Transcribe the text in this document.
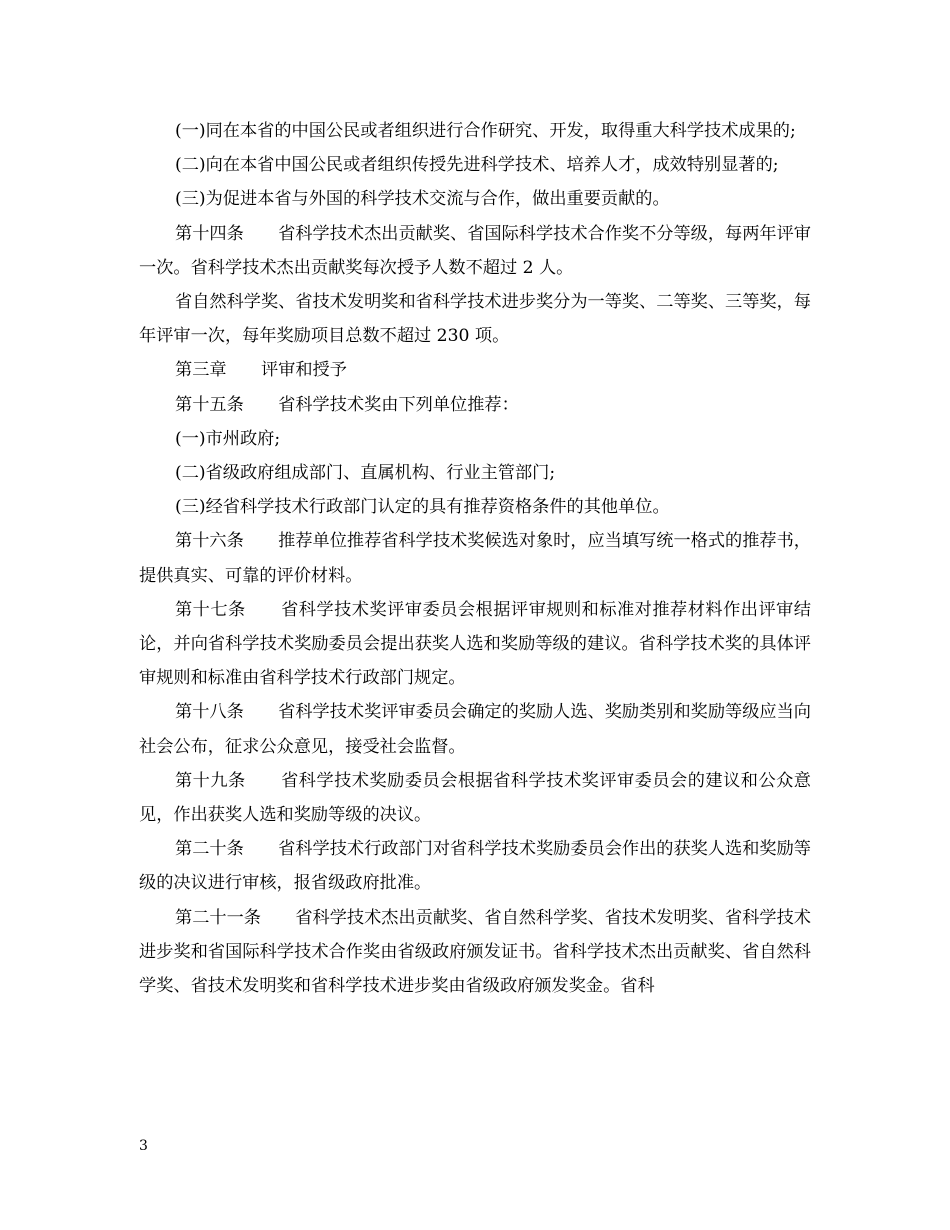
(一)同在本省的中国公民或者组织进行合作研究、开发，取得重大科学技术成果的;

(二)向在本省中国公民或者组织传授先进科学技术、培养人才，成效特别显著的;

(三)为促进本省与外国的科学技术交流与合作，做出重要贡献的。

第十四条　　省科学技术杰出贡献奖、省国际科学技术合作奖不分等级，每两年评审一次。省科学技术杰出贡献奖每次授予人数不超过 2 人。

省自然科学奖、省技术发明奖和省科学技术进步奖分为一等奖、二等奖、三等奖，每年评审一次，每年奖励项目总数不超过 230 项。

第三章　　评审和授予

第十五条　　省科学技术奖由下列单位推荐：

(一)市州政府;

(二)省级政府组成部门、直属机构、行业主管部门;

(三)经省科学技术行政部门认定的具有推荐资格条件的其他单位。

第十六条　　推荐单位推荐省科学技术奖候选对象时，应当填写统一格式的推荐书，提供真实、可靠的评价材料。

第十七条　　省科学技术奖评审委员会根据评审规则和标准对推荐材料作出评审结论，并向省科学技术奖励委员会提出获奖人选和奖励等级的建议。省科学技术奖的具体评审规则和标准由省科学技术行政部门规定。

第十八条　　省科学技术奖评审委员会确定的奖励人选、奖励类别和奖励等级应当向社会公布，征求公众意见，接受社会监督。

第十九条　　省科学技术奖励委员会根据省科学技术奖评审委员会的建议和公众意见，作出获奖人选和奖励等级的决议。

第二十条　　省科学技术行政部门对省科学技术奖励委员会作出的获奖人选和奖励等级的决议进行审核，报省级政府批准。

第二十一条　　省科学技术杰出贡献奖、省自然科学奖、省技术发明奖、省科学技术进步奖和省国际科学技术合作奖由省级政府颁发证书。省科学技术杰出贡献奖、省自然科学奖、省技术发明奖和省科学技术进步奖由省级政府颁发奖金。省科

3
